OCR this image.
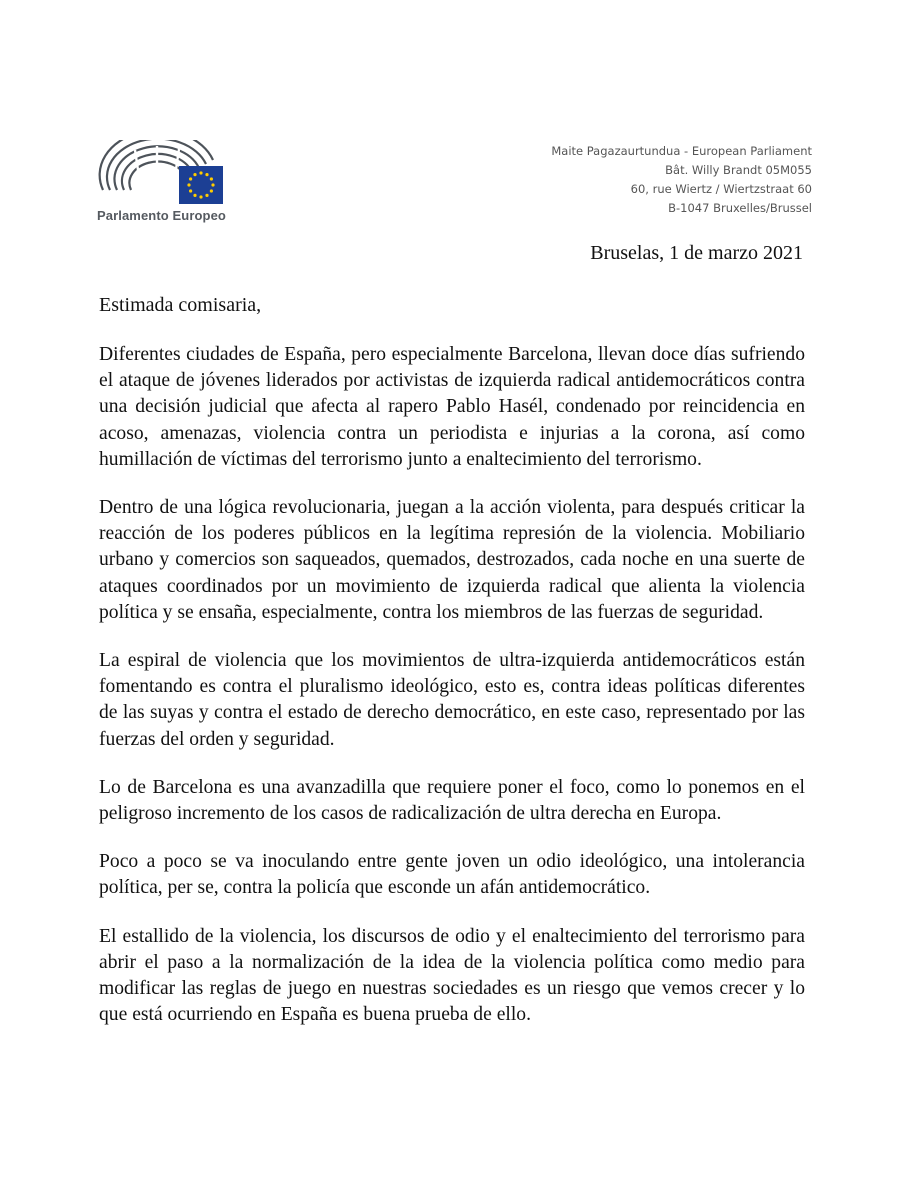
Parlamento Europeo
Maite Pagazaurtundua - European Parliament
Bât. Willy Brandt 05M055
60, rue Wiertz / Wiertzstraat 60
B-1047 Bruxelles/Brussel
Bruselas, 1 de marzo 2021
Estimada comisaria,

Diferentes ciudades de España, pero especialmente Barcelona, llevan doce días sufriendo el ataque de jóvenes liderados por activistas de izquierda radical antidemocráticos contra una decisión judicial que afecta al rapero Pablo Hasél, condenado por reincidencia en acoso, amenazas, violencia contra un periodista e injurias a la corona, así como humillación de víctimas del terrorismo junto a enaltecimiento del terrorismo.

Dentro de una lógica revolucionaria, juegan a la acción violenta, para después criticar la reacción de los poderes públicos en la legítima represión de la violencia. Mobiliario urbano y comercios son saqueados, quemados, destrozados, cada noche en una suerte de ataques coordinados por un movimiento de izquierda radical que alienta la violencia política y se ensaña, especialmente, contra los miembros de las fuerzas de seguridad.

La espiral de violencia que los movimientos de ultra-izquierda antidemocráticos están fomentando es contra el pluralismo ideológico, esto es, contra ideas políticas diferentes de las suyas y contra el estado de derecho democrático, en este caso, representado por las fuerzas del orden y seguridad.

Lo de Barcelona es una avanzadilla que requiere poner el foco, como lo ponemos en el peligroso incremento de los casos de radicalización de ultra derecha en Europa.

Poco a poco se va inoculando entre gente joven un odio ideológico, una intolerancia política, per se, contra la policía que esconde un afán antidemocrático.

El estallido de la violencia, los discursos de odio y el enaltecimiento del terrorismo para abrir el paso a la normalización de la idea de la violencia política como medio para modificar las reglas de juego en nuestras sociedades es un riesgo que vemos crecer y lo que está ocurriendo en España es buena prueba de ello.
